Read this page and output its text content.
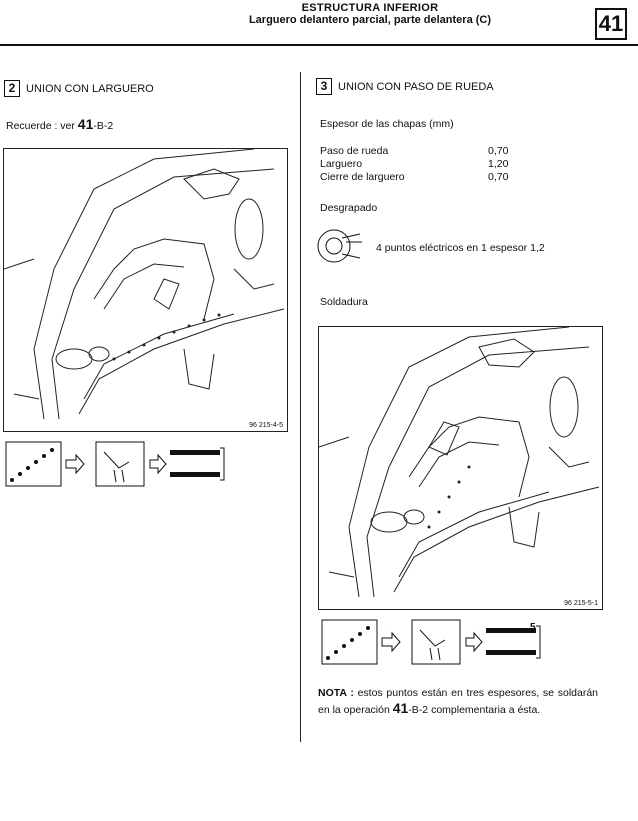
ESTRUCTURA INFERIOR
Larguero delantero parcial, parte delantera (C)	41
2 UNION CON LARGUERO
Recuerde : ver 41-B-2
96 215-4-5
3 UNION CON PASO DE RUEDA
Espesor de las chapas (mm)
Paso de rueda	0,70
Larguero	1,20
Cierre de larguero	0,70
Desgrapado
4 puntos eléctricos en 1 espesor 1,2
Soldadura
96 215-5-1
5
NOTA : estos puntos están en tres espesores, se soldarán en la operación 41-B-2 complementaria a ésta.
